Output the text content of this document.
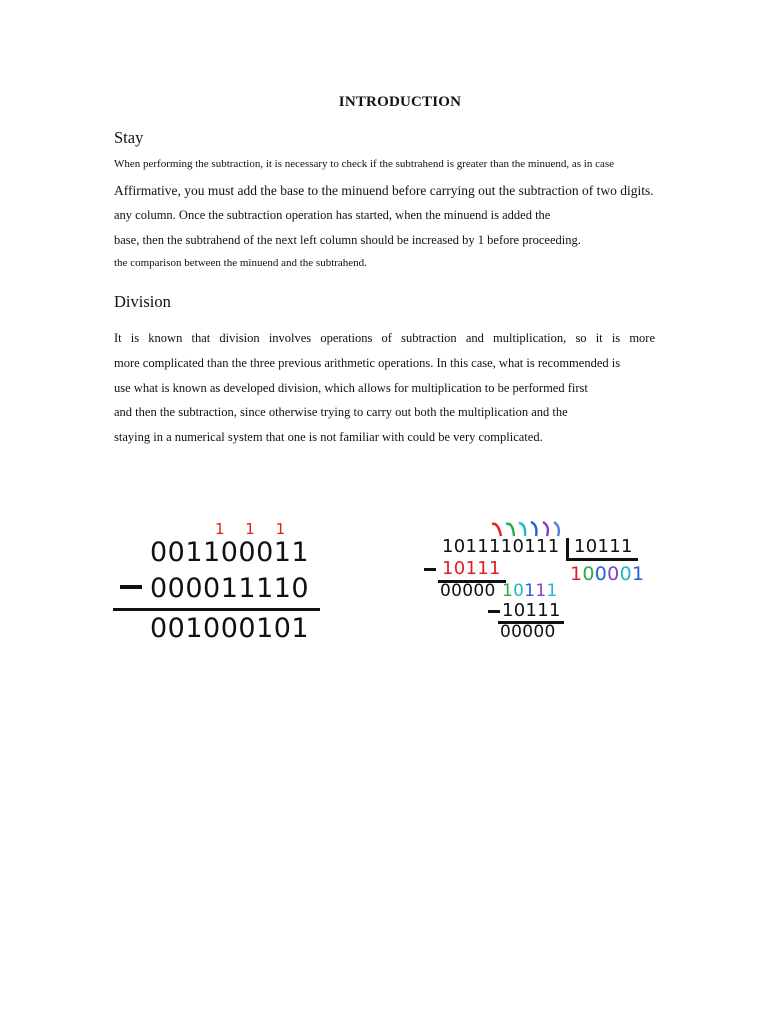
INTRODUCTION
Stay
When performing the subtraction, it is necessary to check if the subtrahend is greater than the minuend, as in case
Affirmative, you must add the base to the minuend before carrying out the subtraction of two digits.
any column. Once the subtraction operation has started, when the minuend is added the
base, then the subtrahend of the next left column should be increased by 1 before proceeding.
the comparison between the minuend and the subtrahend.
Division
It is known that division involves operations of subtraction and multiplication, so it is more
more complicated than the three previous arithmetic operations. In this case, what is recommended is
use what is known as developed division, which allows for multiplication to be performed first
and then the subtraction, since otherwise trying to carry out both the multiplication and the
staying in a numerical system that one is not familiar with could be very complicated.
1 1 1
001100011
000011110
001000101
1011110111 10111
100001
10111
00000 10111
10111
00000
